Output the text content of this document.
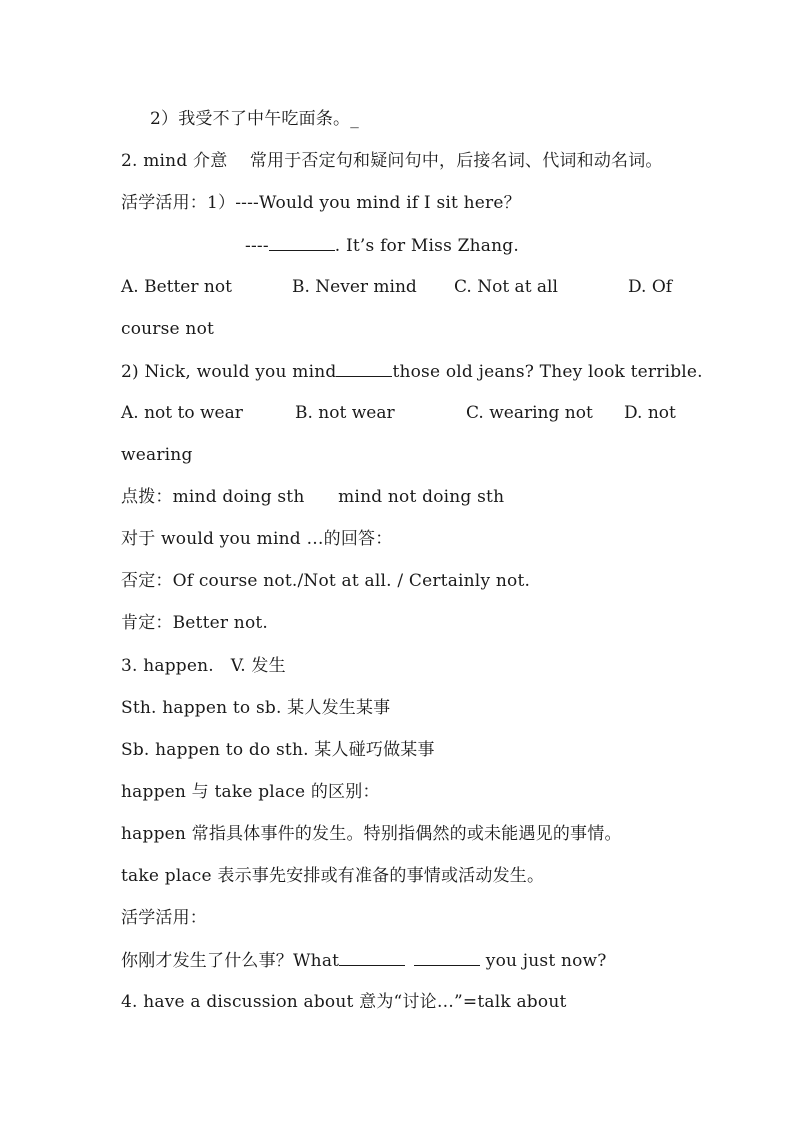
2）我受不了中午吃面条。_
2. mind 介意    常用于否定句和疑问句中，后接名词、代词和动名词。
活学活用：1）----Would you mind if I sit here？
----	. It’s for Miss Zhang.
A. Better not	B. Never mind C. Not at all	D. Of
course not
2) Nick, would you mind	those old jeans? They look terrible.
A. not to wear	B. not wear	C. wearing not D. not
wearing
点拨：mind doing sth      mind not doing sth
对于 would you mind …的回答：
否定：Of course not./Not at all. / Certainly not.
肯定：Better not.
3. happen.   V. 发生
Sth. happen to sb. 某人发生某事
Sb. happen to do sth. 某人碰巧做某事
happen 与 take place 的区别：
happen 常指具体事件的发生。特别指偶然的或未能遇见的事情。
take place 表示事先安排或有准备的事情或活动发生。
活学活用：
你刚才发生了什么事？What	you just now?
4. have a discussion about 意为“讨论…”=talk about
